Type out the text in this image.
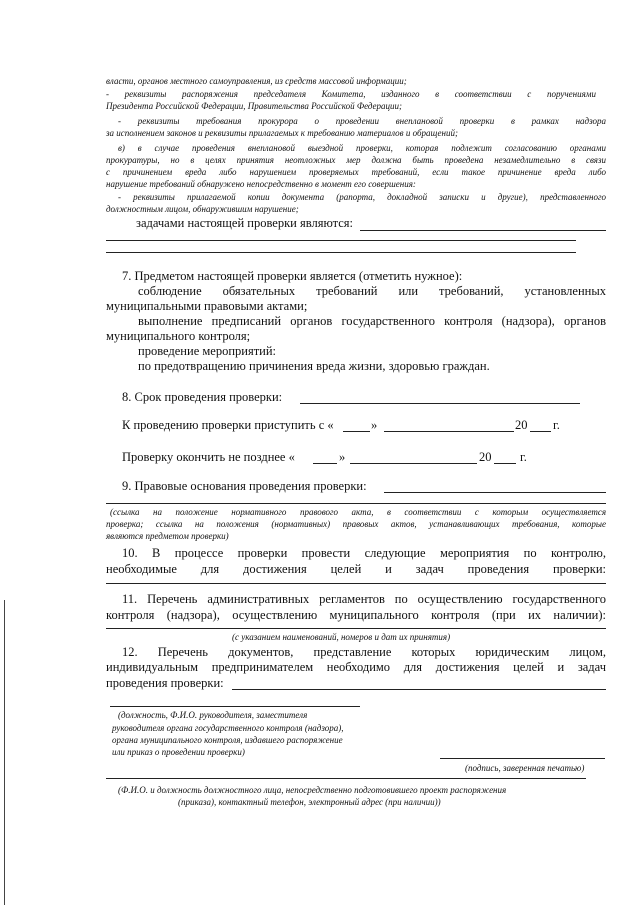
власти, органов местного самоуправления, из средств массовой информации;
- реквизиты распоряжения председателя Комитета, изданного в соответствии с поручениями
Президента Российской Федерации, Правительства Российской Федерации;
- реквизиты требования прокурора о проведении внеплановой проверки в рамках надзора
за исполнением законов и реквизиты прилагаемых к требованию материалов и обращений;
в) в случае проведения внеплановой выездной проверки, которая подлежит согласованию органами
прокуратуры, но в целях принятия неотложных мер должна быть проведена незамедлительно в связи
с причинением вреда либо нарушением проверяемых требований, если такое причинение вреда либо
нарушение требований обнаружено непосредственно в момент его совершения:
- реквизиты прилагаемой копии документа (рапорта, докладной записки и другие), представленного
должностным лицом, обнаружившим нарушение;
задачами настоящей проверки являются:
7. Предметом настоящей проверки является (отметить нужное):
соблюдение обязательных требований или требований, установленных
муниципальными правовыми актами;
выполнение предписаний органов государственного контроля (надзора), органов
муниципального контроля;
проведение мероприятий:
по предотвращению причинения вреда жизни, здоровью граждан.
8. Срок проведения проверки:
К проведению проверки приступить с «	»	20 г.
Проверку окончить не позднее «	»	20 г.
9. Правовые основания проведения проверки:
(ссылка на положение нормативного правового акта, в соответствии с которым осуществляется
проверка; ссылка на положения (нормативных) правовых актов, устанавливающих требования, которые
являются предметом проверки)
10. В процессе проверки провести следующие мероприятия по контролю,
необходимые для достижения целей и задач проведения проверки:
11. Перечень административных регламентов по осуществлению государственного
контроля (надзора), осуществлению муниципального контроля (при их наличии):
(с указанием наименований, номеров и дат их принятия)
12. Перечень документов, представление которых юридическим лицом,
индивидуальным предпринимателем необходимо для достижения целей и задач
проведения проверки:
(должность, Ф.И.О. руководителя, заместителя
руководителя органа государственного контроля (надзора),
органа муниципального контроля, издавшего распоряжение
или приказ о проведении проверки)
(подпись, заверенная печатью)
(Ф.И.О. и должность должностного лица, непосредственно подготовившего проект распоряжения
(приказа), контактный телефон, электронный адрес (при наличии))
